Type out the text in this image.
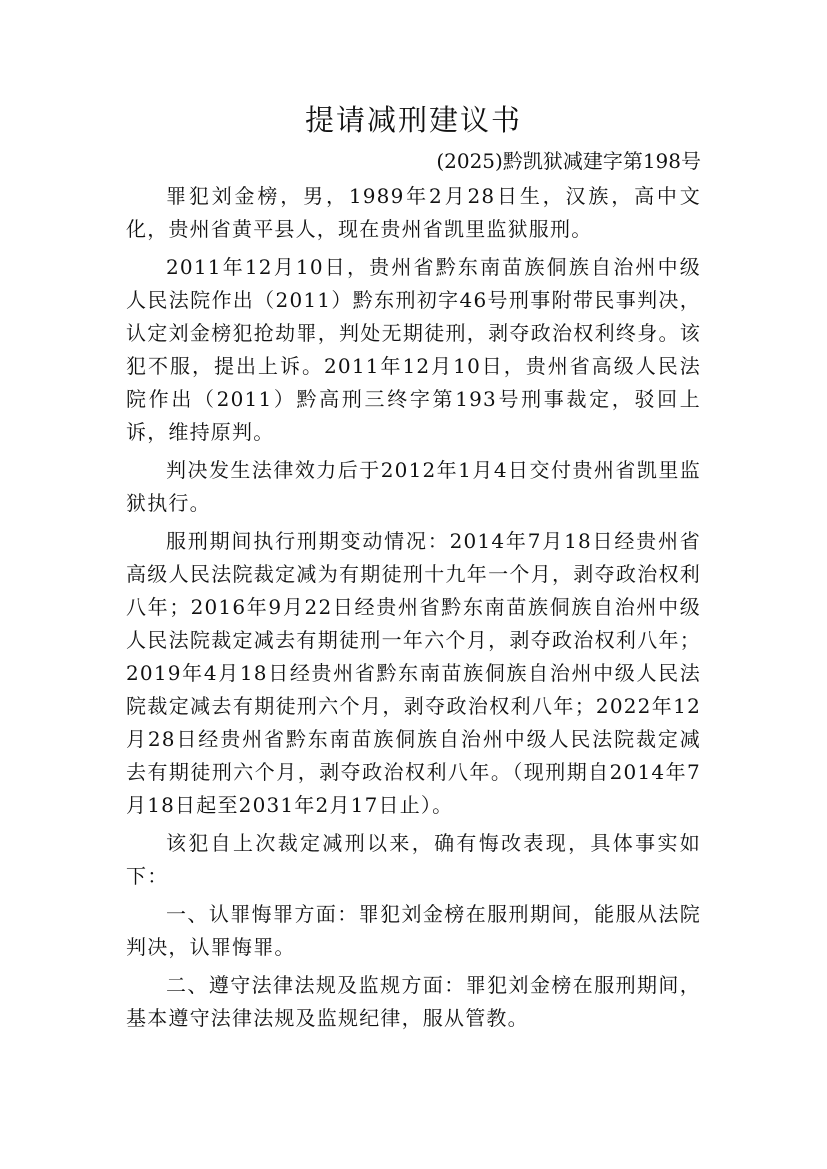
提请减刑建议书
(2025)黔凯狱减建字第198号

罪犯刘金榜，男，1989年2月28日生，汉族，高中文化，贵州省黄平县人，现在贵州省凯里监狱服刑。

2011年12月10日，贵州省黔东南苗族侗族自治州中级人民法院作出（2011）黔东刑初字46号刑事附带民事判决，认定刘金榜犯抢劫罪，判处无期徒刑，剥夺政治权利终身。该犯不服，提出上诉。2011年12月10日，贵州省高级人民法院作出（2011）黔高刑三终字第193号刑事裁定，驳回上诉，维持原判。

判决发生法律效力后于2012年1月4日交付贵州省凯里监狱执行。

服刑期间执行刑期变动情况：2014年7月18日经贵州省高级人民法院裁定减为有期徒刑十九年一个月，剥夺政治权利八年；2016年9月22日经贵州省黔东南苗族侗族自治州中级人民法院裁定减去有期徒刑一年六个月，剥夺政治权利八年；2019年4月18日经贵州省黔东南苗族侗族自治州中级人民法院裁定减去有期徒刑六个月，剥夺政治权利八年；2022年12月28日经贵州省黔东南苗族侗族自治州中级人民法院裁定减去有期徒刑六个月，剥夺政治权利八年。（现刑期自2014年7月18日起至2031年2月17日止）。

该犯自上次裁定减刑以来，确有悔改表现，具体事实如下：

一、认罪悔罪方面：罪犯刘金榜在服刑期间，能服从法院判决，认罪悔罪。

二、遵守法律法规及监规方面：罪犯刘金榜在服刑期间，基本遵守法律法规及监规纪律，服从管教。
